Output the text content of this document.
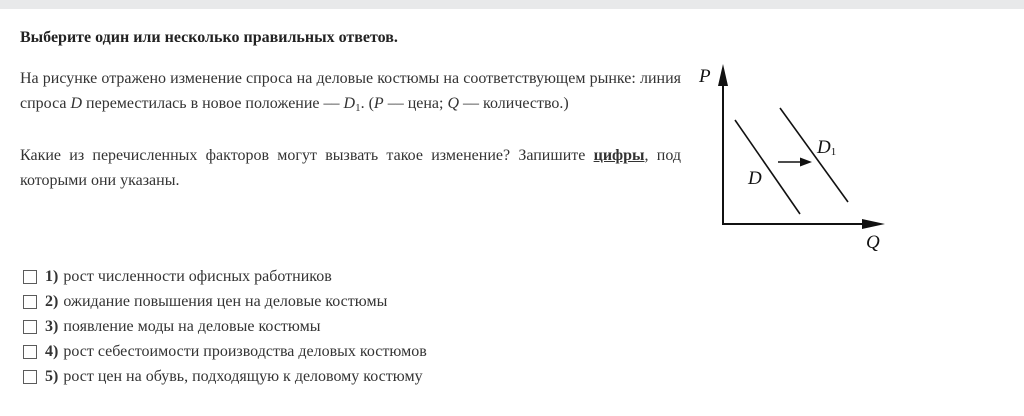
Выберите один или несколько правильных ответов.

На рисунке отражено изменение спроса на деловые костюмы на соответствующем рынке: линия спроса D переместилась в новое положение –– $D_1$. (P –– цена; Q –– количество.)

Какие из перечисленных факторов могут вызвать такое изменение? Запишите цифры, под которыми они указаны.

P
Q
D
D1
1) рост численности офисных работников
2) ожидание повышения цен на деловые костюмы
3) появление моды на деловые костюмы
4) рост себестоимости производства деловых костюмов
5) рост цен на обувь, подходящую к деловому костюму
